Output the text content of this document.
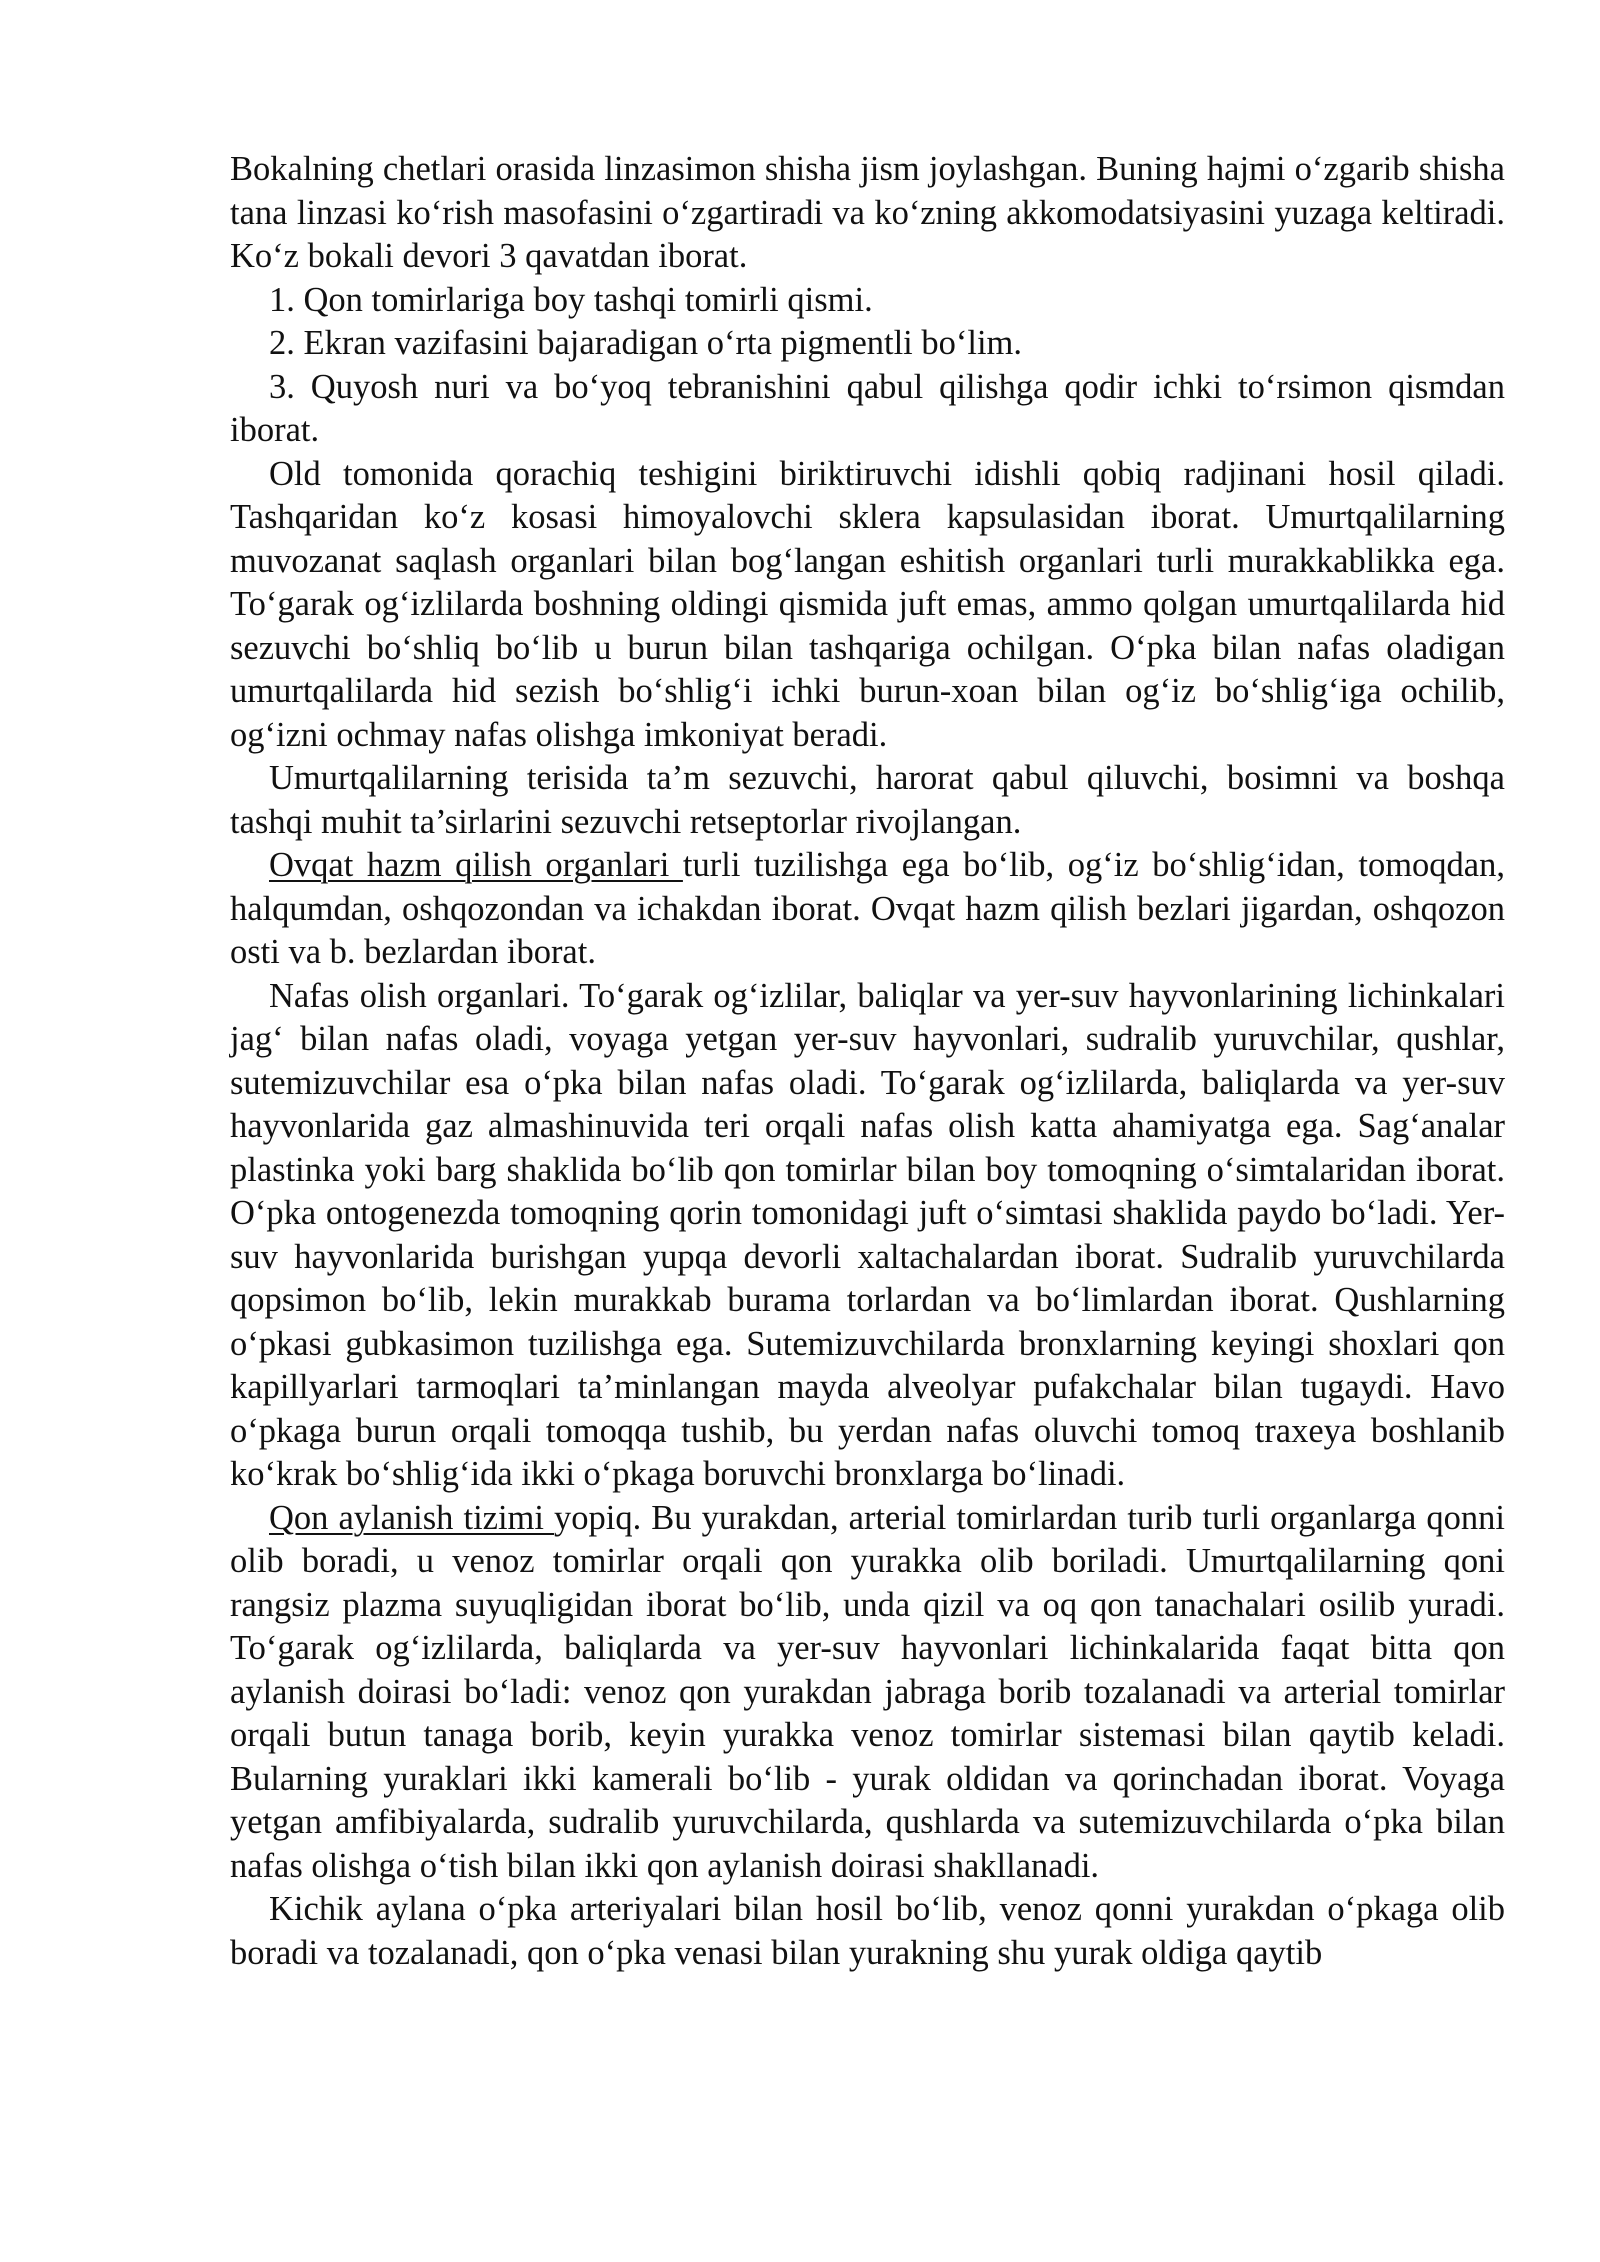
Bokalning chetlari orasida linzasimon shisha jism joylashgan. Buning hajmi o‘zgarib shisha tana linzasi ko‘rish masofasini o‘zgartiradi va ko‘zning akkomodatsiyasini yuzaga keltiradi. Ko‘z bokali devori 3 qavatdan iborat.

1. Qon tomirlariga boy tashqi tomirli qismi.

2. Ekran vazifasini bajaradigan o‘rta pigmentli bo‘lim.

3. Quyosh nuri va bo‘yoq tebranishini qabul qilishga qodir ichki to‘rsimon qismdan iborat.

Old tomonida qorachiq teshigini biriktiruvchi idishli qobiq radjinani hosil qiladi. Tashqaridan ko‘z kosasi himoyalovchi sklera kapsulasidan iborat. Umurtqalilarning muvozanat saqlash organlari bilan bog‘langan eshitish organlari turli murakkablikka ega. To‘garak og‘izlilarda boshning oldingi qismida juft emas, ammo qolgan umurtqalilarda hid sezuvchi bo‘shliq bo‘lib u burun bilan tashqariga ochilgan. O‘pka bilan nafas oladigan umurtqalilarda hid sezish bo‘shlig‘i ichki burun-xoan bilan og‘iz bo‘shlig‘iga ochilib, og‘izni ochmay nafas olishga imkoniyat beradi.

Umurtqalilarning terisida ta’m sezuvchi, harorat qabul qiluvchi, bosimni va boshqa tashqi muhit ta’sirlarini sezuvchi retseptorlar rivojlangan.

Ovqat hazm qilish organlari turli tuzilishga ega bo‘lib, og‘iz bo‘shlig‘idan, tomoqdan, halqumdan, oshqozondan va ichakdan iborat. Ovqat hazm qilish bezlari jigardan, oshqozon osti va b. bezlardan iborat.

Nafas olish organlari. To‘garak og‘izlilar, baliqlar va yer-suv hayvonlarining lichinkalari jag‘ bilan nafas oladi, voyaga yetgan yer-suv hayvonlari, sudralib yuruvchilar, qushlar, sutemizuvchilar esa o‘pka bilan nafas oladi. To‘garak og‘izlilarda, baliqlarda va yer-suv hayvonlarida gaz almashinuvida teri orqali nafas olish katta ahamiyatga ega. Sag‘analar plastinka yoki barg shaklida bo‘lib qon tomirlar bilan boy tomoqning o‘simtalaridan iborat. O‘pka ontogenezda tomoqning qorin tomonidagi juft o‘simtasi shaklida paydo bo‘ladi. Yer-suv hayvonlarida burishgan yupqa devorli xaltachalardan iborat. Sudralib yuruvchilarda qopsimon bo‘lib, lekin murakkab burama torlardan va bo‘limlardan iborat. Qushlarning o‘pkasi gubkasimon tuzilishga ega. Sutemizuvchilarda bronxlarning keyingi shoxlari qon kapillyarlari tarmoqlari ta’minlangan mayda alveolyar pufakchalar bilan tugaydi. Havo o‘pkaga burun orqali tomoqqa tushib, bu yerdan nafas oluvchi tomoq traxeya boshlanib ko‘krak bo‘shlig‘ida ikki o‘pkaga boruvchi bronxlarga bo‘linadi.

Qon aylanish tizimi yopiq. Bu yurakdan, arterial tomirlardan turib turli organlarga qonni olib boradi, u venoz tomirlar orqali qon yurakka olib boriladi. Umurtqalilarning qoni rangsiz plazma suyuqligidan iborat bo‘lib, unda qizil va oq qon tanachalari osilib yuradi. To‘garak og‘izlilarda, baliqlarda va yer-suv hayvonlari lichinkalarida faqat bitta qon aylanish doirasi bo‘ladi: venoz qon yurakdan jabraga borib tozalanadi va arterial tomirlar orqali butun tanaga borib, keyin yurakka venoz tomirlar sistemasi bilan qaytib keladi. Bularning yuraklari ikki kamerali bo‘lib - yurak oldidan va qorinchadan iborat. Voyaga yetgan amfibiyalarda, sudralib yuruvchilarda, qushlarda va sutemizuvchilarda o‘pka bilan nafas olishga o‘tish bilan ikki qon aylanish doirasi shakllanadi.

Kichik aylana o‘pka arteriyalari bilan hosil bo‘lib, venoz qonni yurakdan o‘pkaga olib boradi va tozalanadi, qon o‘pka venasi bilan yurakning shu yurak oldiga qaytib
